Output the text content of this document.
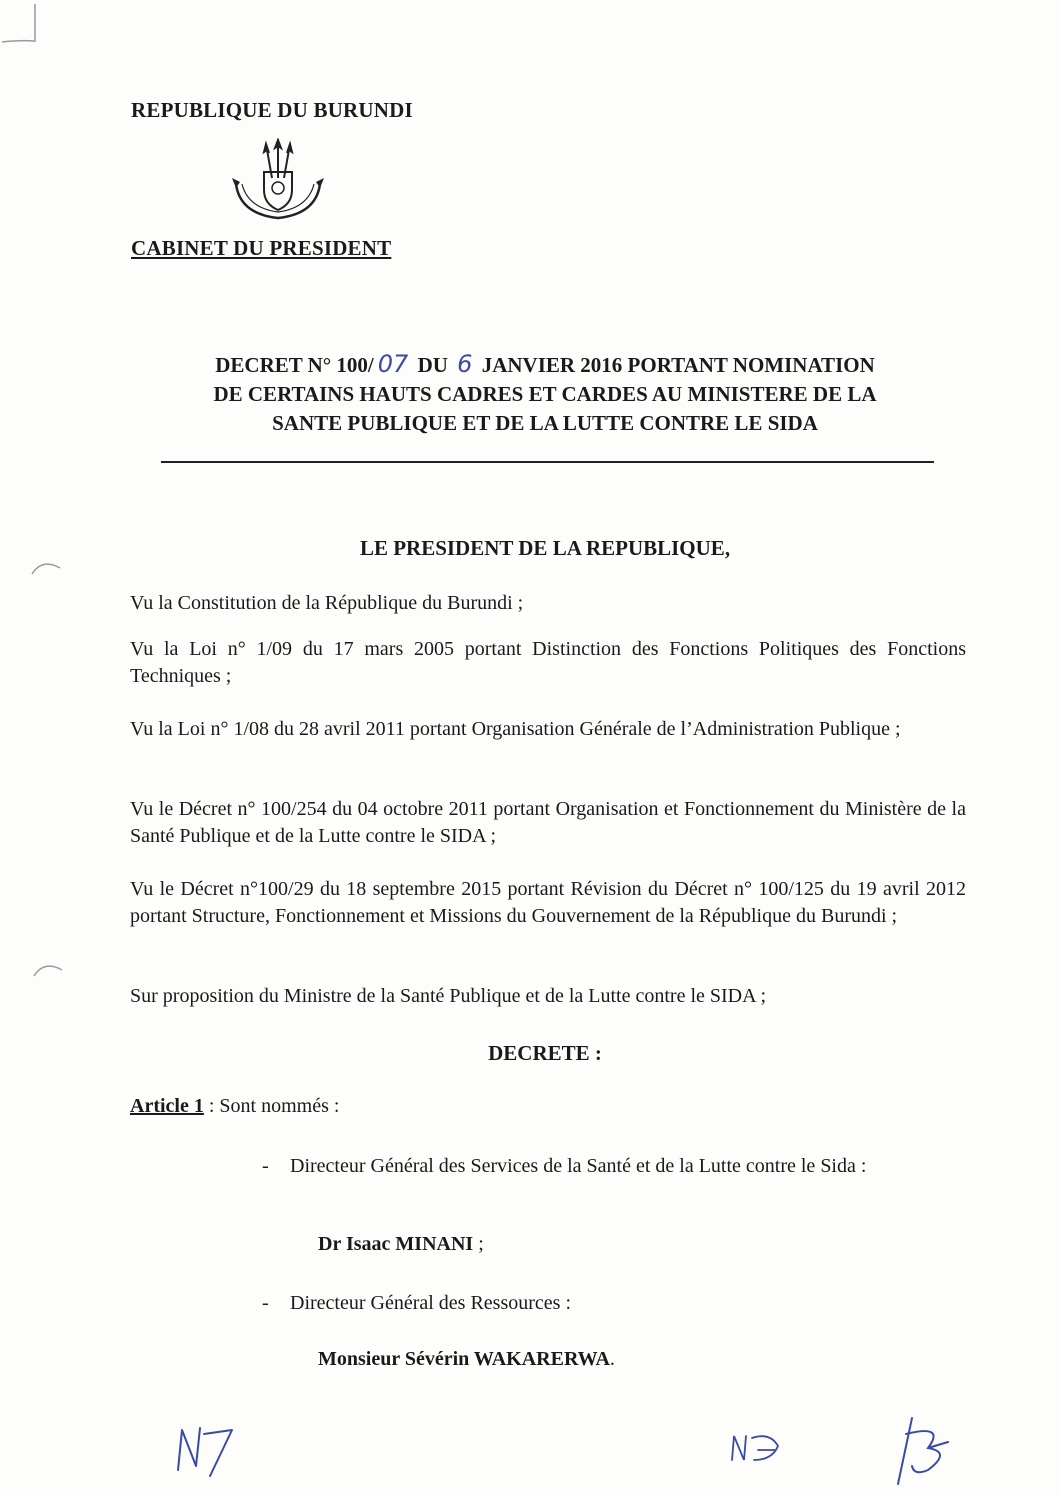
REPUBLIQUE DU BURUNDI
CABINET DU PRESIDENT
DECRET N° 100/ 07 DU 6 JANVIER 2016 PORTANT NOMINATION
DE CERTAINS HAUTS CADRES ET CARDES AU MINISTERE DE LA
SANTE PUBLIQUE ET DE LA LUTTE CONTRE LE SIDA
LE PRESIDENT DE LA REPUBLIQUE,
Vu la Constitution de la République du Burundi ;
Vu la Loi n° 1/09 du 17 mars 2005 portant Distinction des Fonctions Politiques des Fonctions Techniques ;
Vu la Loi n° 1/08 du 28 avril 2011 portant Organisation Générale de l’Administration Publique ;
Vu le Décret n° 100/254 du 04 octobre 2011 portant Organisation et Fonctionnement du Ministère de la Santé Publique et de la Lutte contre le SIDA ;
Vu le Décret n°100/29 du 18 septembre 2015 portant Révision du Décret n° 100/125 du 19 avril 2012 portant Structure, Fonctionnement et Missions du Gouvernement de la République du Burundi ;
Sur proposition du Ministre de la Santé Publique et de la Lutte contre le SIDA ;
DECRETE :
Article 1 : Sont nommés :
- Directeur Général des Services de la Santé et de la Lutte contre le Sida :
Dr Isaac MINANI ;
- Directeur Général des Ressources :
Monsieur Sévérin WAKARERWA.
